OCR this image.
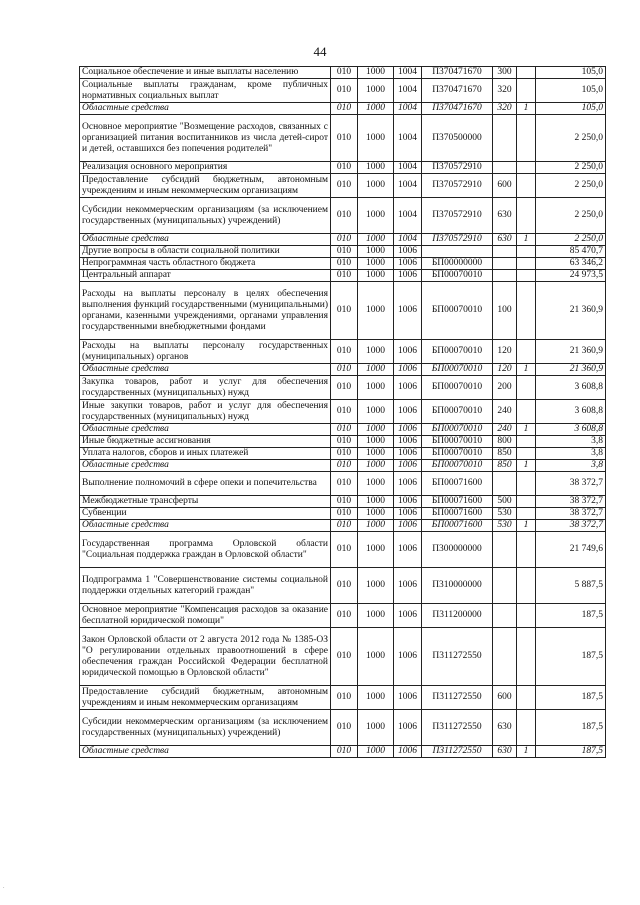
44
Социальное обеспечение и иные выплаты населению	010	1000	1004	П370471670	300		105,0
Социальные выплаты гражданам, кроме публичных нормативных социальных выплат	010	1000	1004	П370471670	320		105,0
Областные средства	010	1000	1004	П370471670	320	1	105,0
Основное мероприятие "Возмещение расходов, связанных с организацией питания воспитанников из числа детей-сирот и детей, оставшихся без попечения родителей"	010	1000	1004	П370500000			2 250,0
Реализация основного мероприятия	010	1000	1004	П370572910			2 250,0
Предоставление субсидий бюджетным, автономным учреждениям и иным некоммерческим организациям	010	1000	1004	П370572910	600		2 250,0
Субсидии некоммерческим организациям (за исключением государственных (муниципальных) учреждений)	010	1000	1004	П370572910	630		2 250,0
Областные средства	010	1000	1004	П370572910	630	1	2 250,0
Другие вопросы в области социальной политики	010	1000	1006				85 470,7
Непрограммная часть областного бюджета	010	1000	1006	БП00000000			63 346,2
Центральный аппарат	010	1000	1006	БП00070010			24 973,5
Расходы на выплаты персоналу в целях обеспечения выполнения функций государственными (муниципальными) органами, казенными учреждениями, органами управления государственными внебюджетными фондами	010	1000	1006	БП00070010	100		21 360,9
Расходы на выплаты персоналу государственных (муниципальных) органов	010	1000	1006	БП00070010	120		21 360,9
Областные средства	010	1000	1006	БП00070010	120	1	21 360,9
Закупка товаров, работ и услуг для обеспечения государственных (муниципальных) нужд	010	1000	1006	БП00070010	200		3 608,8
Иные закупки товаров, работ и услуг для обеспечения государственных (муниципальных) нужд	010	1000	1006	БП00070010	240		3 608,8
Областные средства	010	1000	1006	БП00070010	240	1	3 608,8
Иные бюджетные ассигнования	010	1000	1006	БП00070010	800		3,8
Уплата налогов, сборов и иных платежей	010	1000	1006	БП00070010	850		3,8
Областные средства	010	1000	1006	БП00070010	850	1	3,8
Выполнение полномочий в сфере опеки и попечительства	010	1000	1006	БП00071600			38 372,7
Межбюджетные трансферты	010	1000	1006	БП00071600	500		38 372,7
Субвенции	010	1000	1006	БП00071600	530		38 372,7
Областные средства	010	1000	1006	БП00071600	530	1	38 372,7
Государственная программа Орловской области "Социальная поддержка граждан в Орловской области"	010	1000	1006	П300000000			21 749,6
Подпрограмма 1 "Совершенствование системы социальной поддержки отдельных категорий граждан"	010	1000	1006	П310000000			5 887,5
Основное мероприятие "Компенсация расходов за оказание бесплатной юридической помощи"	010	1000	1006	П311200000			187,5
Закон Орловской области от 2 августа 2012 года № 1385-ОЗ "О регулировании отдельных правоотношений в сфере обеспечения граждан Российской Федерации бесплатной юридической помощью в Орловской области"	010	1000	1006	П311272550			187,5
Предоставление субсидий бюджетным, автономным учреждениям и иным некоммерческим организациям	010	1000	1006	П311272550	600		187,5
Субсидии некоммерческим организациям (за исключением государственных (муниципальных) учреждений)	010	1000	1006	П311272550	630		187,5
Областные средства	010	1000	1006	П311272550	630	1	187,5
.
